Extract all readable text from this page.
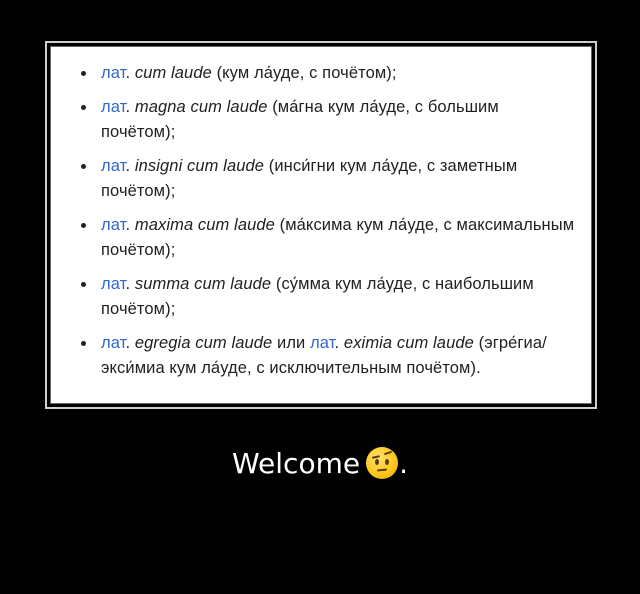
лат. cum laude (кум ла́уде, с почётом);
лат. magna cum laude (ма́гна кум ла́уде, с большим почётом);
лат. insigni cum laude (инси́гни кум ла́уде, с заметным почётом);
лат. maxima cum laude (ма́ксима кум ла́уде, с максимальным почётом);
лат. summa cum laude (су́мма кум ла́уде, с наибольшим почётом);
лат. egregia cum laude или лат. eximia cum laude (эгре́гиа/экси́миа кум ла́уде, с исключительным почётом).
Welcome .
